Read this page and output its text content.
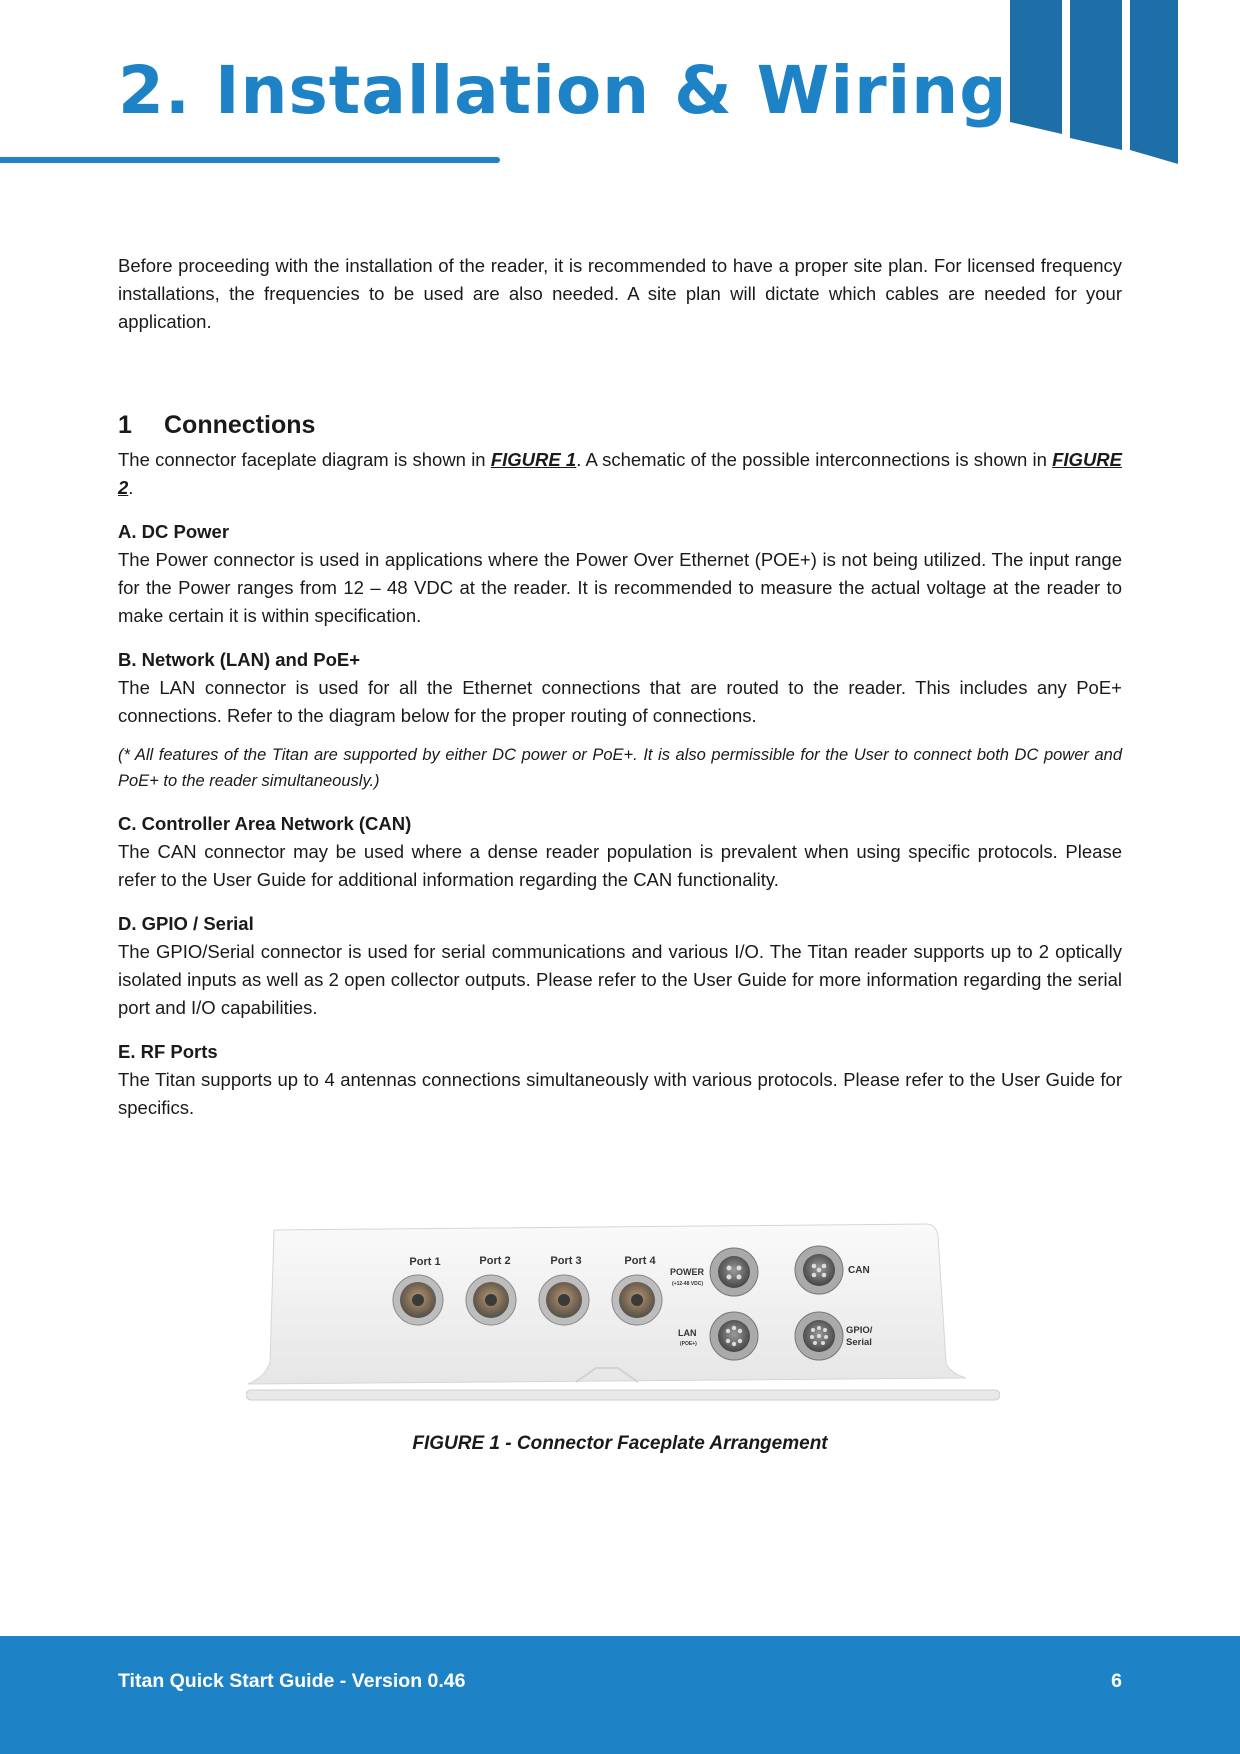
2. Installation & Wiring

Before proceeding with the installation of the reader, it is recommended to have a proper site plan. For licensed frequency installations, the frequencies to be used are also needed. A site plan will dictate which cables are needed for your application.

1 Connections

The connector faceplate diagram is shown in FIGURE 1. A schematic of the possible interconnections is shown in FIGURE 2.

A. DC Power

The Power connector is used in applications where the Power Over Ethernet (POE+) is not being utilized. The input range for the Power ranges from 12 – 48 VDC at the reader. It is recommended to measure the actual voltage at the reader to make certain it is within specification.

B. Network (LAN) and PoE+

The LAN connector is used for all the Ethernet connections that are routed to the reader. This includes any PoE+ connections. Refer to the diagram below for the proper routing of connections.

(* All features of the Titan are supported by either DC power or PoE+. It is also permissible for the User to connect both DC power and PoE+ to the reader simultaneously.)

C. Controller Area Network (CAN)

The CAN connector may be used where a dense reader population is prevalent when using specific protocols. Please refer to the User Guide for additional information regarding the CAN functionality.

D. GPIO / Serial

The GPIO/Serial connector is used for serial communications and various I/O. The Titan reader supports up to 2 optically isolated inputs as well as 2 open collector outputs. Please refer to the User Guide for more information regarding the serial port and I/O capabilities.

E. RF Ports

The Titan supports up to 4 antennas connections simultaneously with various protocols. Please refer to the User Guide for specifics.

Port 1	Port 2	Port 3	Port 4
POWER
(+12-48 VDC)
LAN
(POE+)
CAN
GPIO/
Serial

FIGURE 1 - Connector Faceplate Arrangement

Titan Quick Start Guide - Version 0.46	6
